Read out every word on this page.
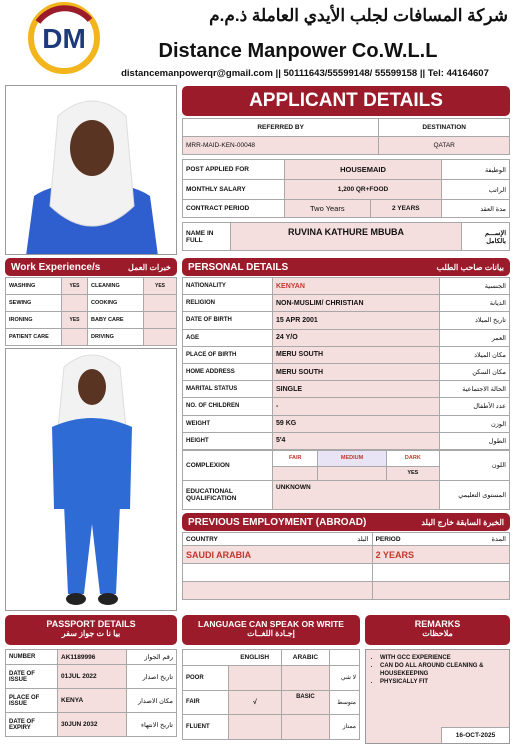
DM
شركة المسافات لجلب الأيدي العاملة ذ.م.م
Distance Manpower Co.W.L.L
distancemanpowerqr@gmail.com || 50111643/55599148/ 55599158 || Tel: 44164607
APPLICANT DETAILS
REFERRED BY	DESTINATION
MRR-MAID-KEN-00048	QATAR
POST APPLIED FOR	HOUSEMAID		الوظيفة
MONTHLY SALARY	1,200 QR+FOOD		الراتب
CONTRACT PERIOD	Two Years	2 YEARS	مدة العقد
NAME IN FULL	RUVINA KATHURE MBUBA	الإســـم بالكامل
Work Experience/s	خبرات العمل
WASHING	YES	CLEANING	YES
SEWING		COOKING	
IRONING	YES	BABY CARE	
PATIENT CARE		DRIVING	
PERSONAL DETAILS	بيانات صاحب الطلب
NATIONALITY	KENYAN	الجنسية
RELIGION	NON-MUSLIM/ CHRISTIAN	الديانة
DATE OF BIRTH	15 APR 2001	تاريخ الميلاد
AGE	24 Y/O	العمر
PLACE OF BIRTH	MERU SOUTH	مكان الميلاد
HOME ADDRESS	MERU SOUTH	مكان السكن
MARITAL STATUS	SINGLE	الحالة الاجتماعية
NO. OF CHILDREN	-	عدد الأطفال
WEIGHT	59 KG	الوزن
HEIGHT	5'4	الطول
COMPLEXION	FAIR	MEDIUM	DARK	اللون
			YES	
EDUCATIONAL QUALIFICATION	UNKNOWN			المستوى التعليمي
PREVIOUS EMPLOYMENT (ABROAD)	الخبرة السابقة خارج البلد
COUNTRY	البلد	PERIOD	المدة
SAUDI ARABIA		2 YEARS	

PASSPORT DETAILS
بيا نا ت جواز سفر
NUMBER	AK1189996	رقم الجواز
DATE OF ISSUE	01JUL 2022	تاريخ اصدار
PLACE OF ISSUE	KENYA	مكان الاصدار
DATE OF EXPIRY	30JUN 2032	تاريخ الانتهاء
LANGUAGE CAN SPEAK OR WRITE
إجـادة اللغــات
	ENGLISH	ARABIC	
POOR			لا شي
FAIR	√	BASIC	متوسط
FLUENT			ممتاز
REMARKS
ملاحظات
• WITH GCC EXPERIENCE
• CAN DO ALL AROUND CLEANING & HOUSEKEEPING
• PHYSICALLY FIT
16-OCT-2025
